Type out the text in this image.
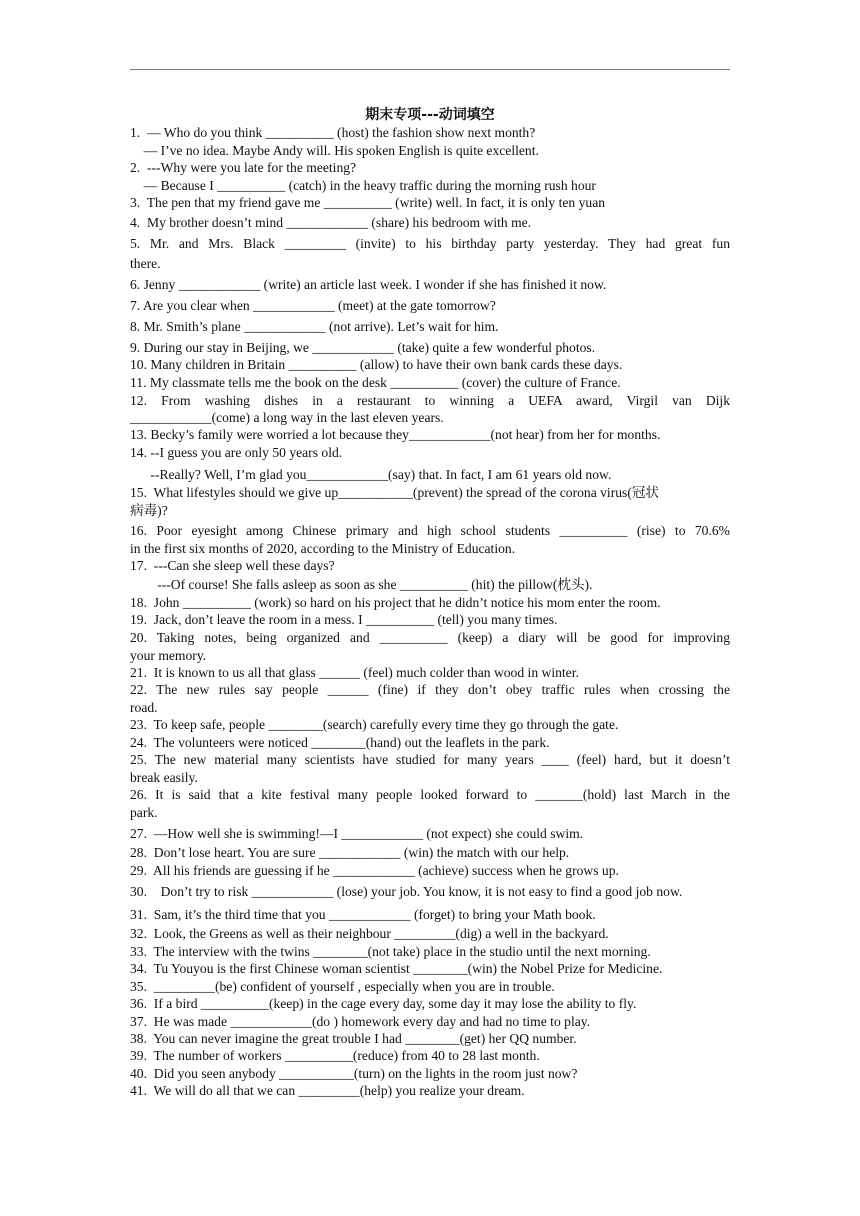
期末专项---动词填空
1.  — Who do you think __________ (host) the fashion show next month?
— I’ve no idea. Maybe Andy will. His spoken English is quite excellent.
2.  ---Why were you late for the meeting?
— Because I __________ (catch) in the heavy traffic during the morning rush hour
3.  The pen that my friend gave me __________ (write) well. In fact, it is only ten yuan
4.  My brother doesn’t mind ____________ (share) his bedroom with me.
5. Mr. and Mrs. Black _________ (invite) to his birthday party yesterday. They had great fun
there.
6. Jenny ____________ (write) an article last week. I wonder if she has finished it now.
7. Are you clear when ____________ (meet) at the gate tomorrow?
8. Mr. Smith’s plane ____________ (not arrive). Let’s wait for him.
9. During our stay in Beijing, we ____________ (take) quite a few wonderful photos.
10. Many children in Britain __________ (allow) to have their own bank cards these days.
11. My classmate tells me the book on the desk __________ (cover) the culture of France.
12. From washing dishes in a restaurant to winning a UEFA award, Virgil van Dijk
____________(come) a long way in the last eleven years.
13. Becky’s family were worried a lot because they____________(not hear) from her for months.
14. --I guess you are only 50 years old.
--Really? Well, I’m glad you____________(say) that. In fact, I am 61 years old now.
15.  What lifestyles should we give up___________(prevent) the spread of the corona virus(冠状
病毒)?
16. Poor eyesight among Chinese primary and high school students __________ (rise) to 70.6%
in the first six months of 2020, according to the Ministry of Education.
17.  ---Can she sleep well these days?
---Of course! She falls asleep as soon as she __________ (hit) the pillow(枕头).
18.  John __________ (work) so hard on his project that he didn’t notice his mom enter the room.
19.  Jack, don’t leave the room in a mess. I __________ (tell) you many times.
20. Taking notes, being organized and __________ (keep) a diary will be good for improving
your memory.
21.  It is known to us all that glass ______ (feel) much colder than wood in winter.
22. The new rules say people ______ (fine) if they don’t obey traffic rules when crossing the
road.
23.  To keep safe, people ________(search) carefully every time they go through the gate.
24.  The volunteers were noticed ________(hand) out the leaflets in the park.
25. The new material many scientists have studied for many years ____ (feel) hard, but it doesn’t
break easily.
26. It is said that a kite festival many people looked forward to _______(hold) last March in the
park.
27.  —How well she is swimming!—I ____________ (not expect) she could swim.
28.  Don’t lose heart. You are sure ____________ (win) the match with our help.
29.  All his friends are guessing if he ____________ (achieve) success when he grows up.
30.    Don’t try to risk ____________ (lose) your job. You know, it is not easy to find a good job now.
31.  Sam, it’s the third time that you ____________ (forget) to bring your Math book.
32.  Look, the Greens as well as their neighbour _________(dig) a well in the backyard.
33.  The interview with the twins ________(not take) place in the studio until the next morning.
34.  Tu Youyou is the first Chinese woman scientist ________(win) the Nobel Prize for Medicine.
35.  _________(be) confident of yourself , especially when you are in trouble.
36.  If a bird __________(keep) in the cage every day, some day it may lose the ability to fly.
37.  He was made ____________(do ) homework every day and had no time to play.
38.  You can never imagine the great trouble I had ________(get) her QQ number.
39.  The number of workers __________(reduce) from 40 to 28 last month.
40.  Did you seen anybody ___________(turn) on the lights in the room just now?
41.  We will do all that we can _________(help) you realize your dream.
